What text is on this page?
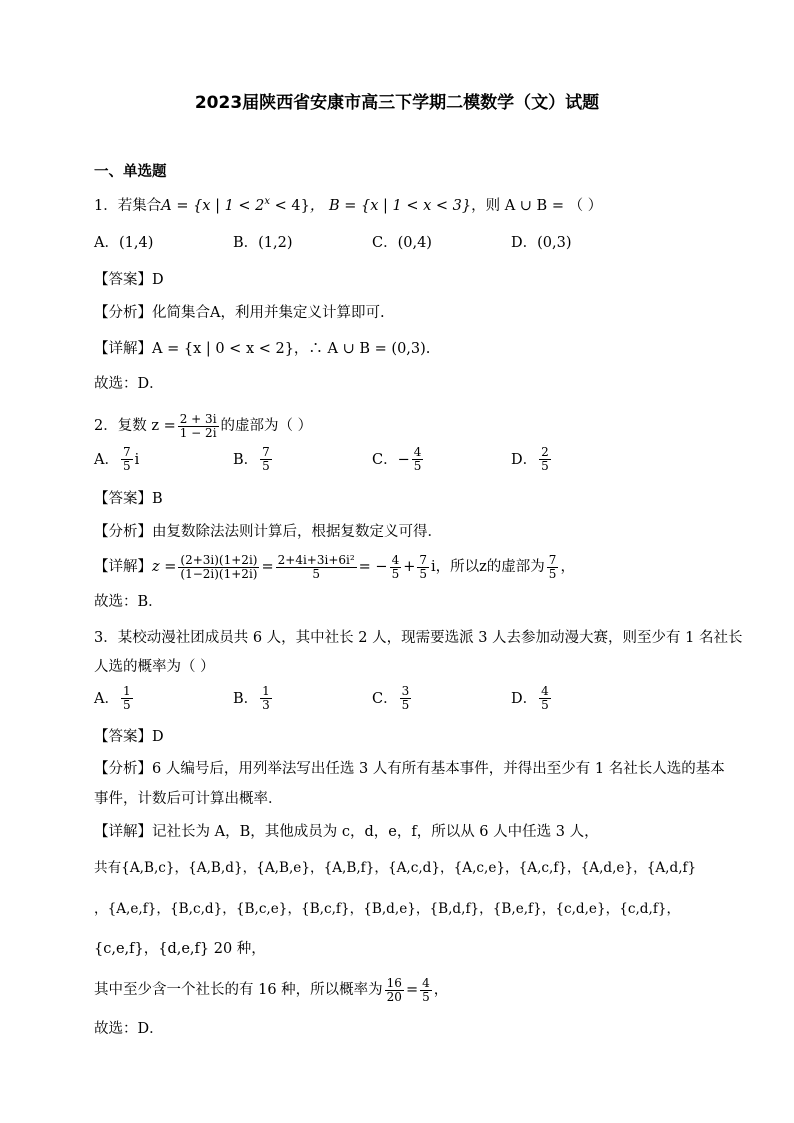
2023届陕西省安康市高三下学期二模数学（文）试题
一、单选题
1．若集合A = {x | $1 < 2^x < 4$}， B = {x | 1 < x < 3}，则 A ∪ B = （ ）
A．(1,4)	B．(1,2)	C．(0,4)	D．(0,3)
【答案】D
【分析】化简集合A，利用并集定义计算即可.
【详解】A = {x | 0 < x < 2}，∴ A ∪ B = (0,3).
故选：D．
2．复数 $z = \frac{2 + 3i}{1 - 2i}$ 的虚部为（ ）
A． $\frac{7}{5}$ i	B． $\frac{7}{5}$	C．− $\frac{4}{5}$	D． $\frac{2}{5}$
【答案】B
【分析】由复数除法法则计算后，根据复数定义可得．
【详解】 $z = \frac{(2+3i)(1+2i)}{(1-2i)(1+2i)} = \frac{\text{2+4i+3i+6i²}}{5}$ = − $\frac{4}{5} + \frac{7}{5}$ i，所以z的虚部为 $\frac{7}{5}$ ，
故选：B．
3．某校动漫社团成员共 6 人，其中社长 2 人，现需要选派 3 人去参加动漫大赛，则至少有 1 名社长
人选的概率为（ ）
A． $\frac{1}{5}$	B． $\frac{1}{3}$	C． $\frac{3}{5}$	D． $\frac{4}{5}$
【答案】D
【分析】6 人编号后，用列举法写出任选 3 人有所有基本事件，并得出至少有 1 名社长人选的基本
事件，计数后可计算出概率．
【详解】记社长为 A，B，其他成员为 c，d，e，f，所以从 6 人中任选 3 人，
共有{A,B,c}，{A,B,d}，{A,B,e}，{A,B,f}，{A,c,d}，{A,c,e}，{A,c,f}，{A,d,e}，{A,d,f}
，{A,e,f}，{B,c,d}，{B,c,e}，{B,c,f}，{B,d,e}，{B,d,f}，{B,e,f}，{c,d,e}，{c,d,f}，
{c,e,f}，{d,e,f} 20 种，
其中至少含一个社长的有 16 种，所以概率为 $\frac{16}{20} = \frac{4}{5}$ ，
故选：D．
